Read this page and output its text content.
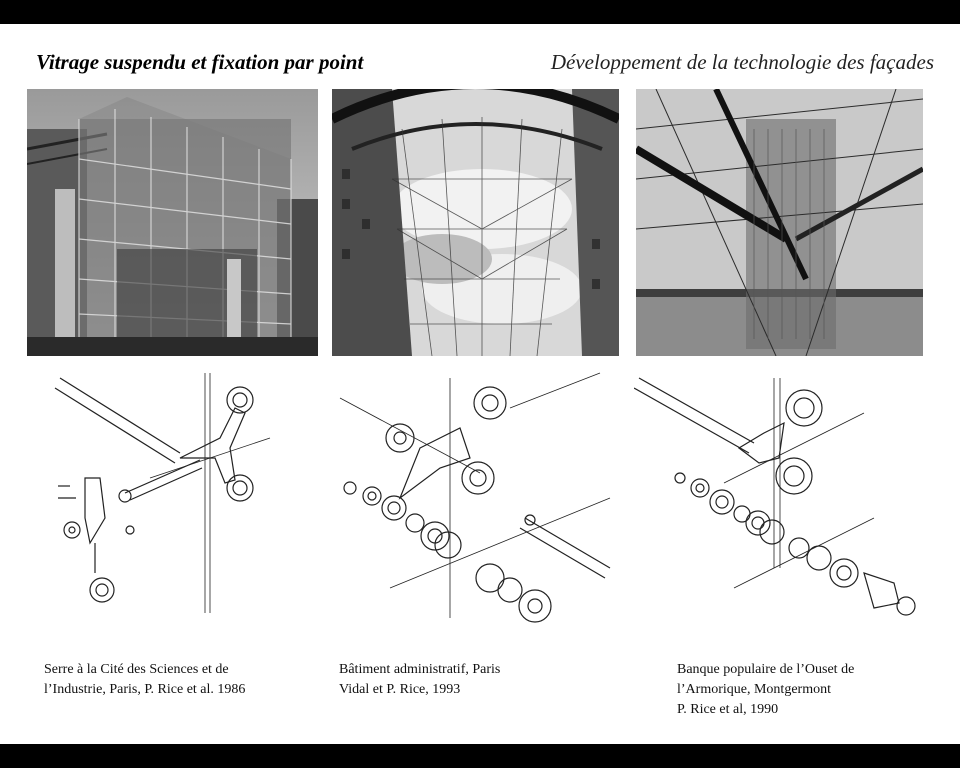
Vitrage suspendu et fixation par point	Développement de la technologie des façades
Serre à la Cité des Sciences et de
l’Industrie, Paris, P. Rice et al. 1986
Bâtiment administratif, Paris
Vidal et P. Rice, 1993
Banque populaire de l’Ouset de
l’Armorique, Montgermont
P. Rice et al, 1990
